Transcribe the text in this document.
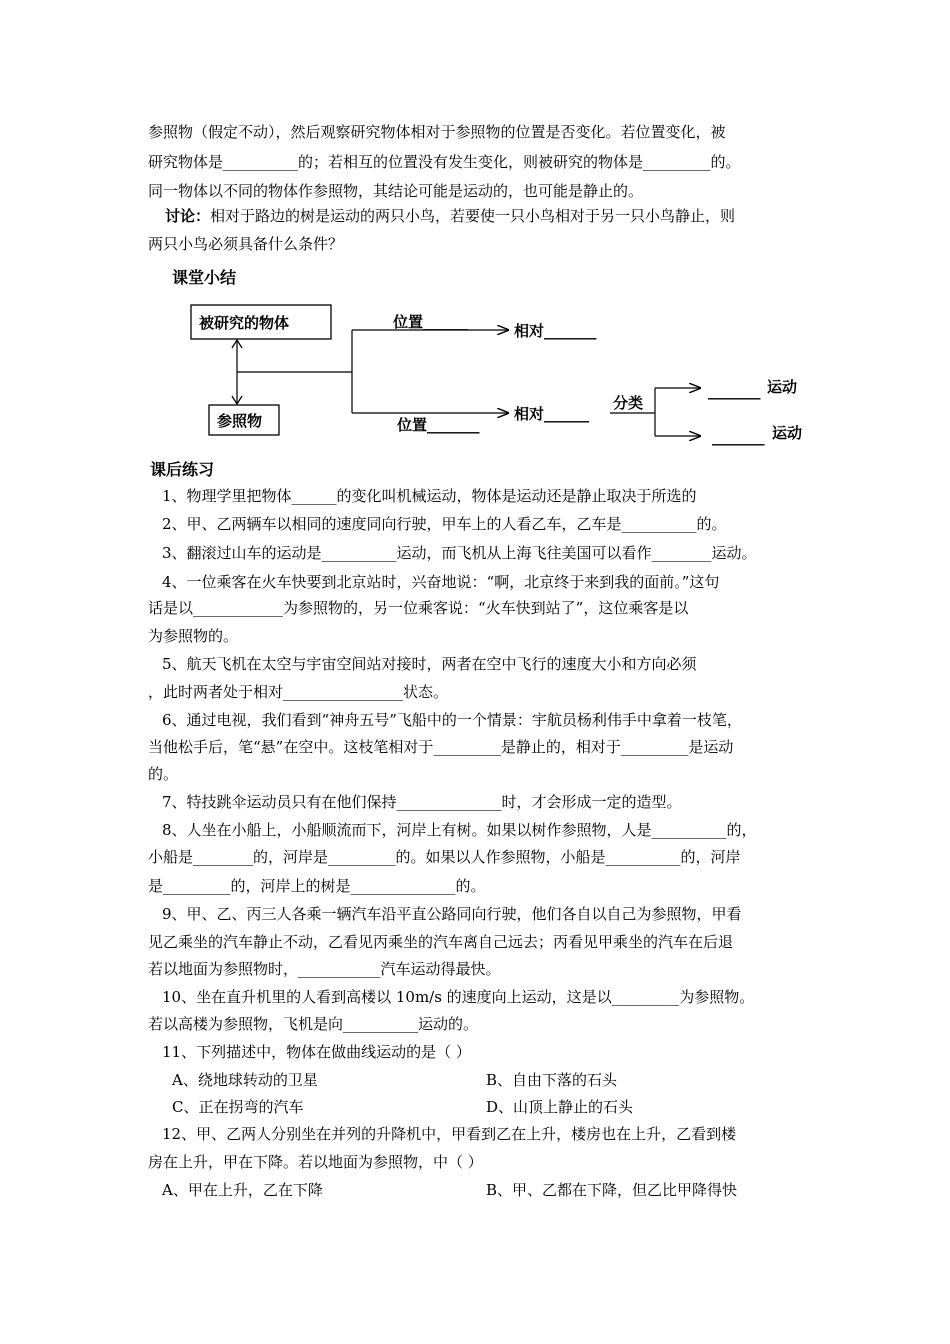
参照物（假定不动），然后观察研究物体相对于参照物的位置是否变化。若位置变化，被
研究物体是__________的；若相互的位置没有发生变化，则被研究的物体是_________的。
同一物体以不同的物体作参照物，其结论可能是运动的，也可能是静止的。
讨论：相对于路边的树是运动的两只小鸟，若要使一只小鸟相对于另一只小鸟静止，则
两只小鸟必须具备什么条件？
课堂小结
被研究的物体
参照物
位置______	相对_______
位置_______
相对______
分类
_______ 运动
_______ 运动
课后练习
1、物理学里把物体______的变化叫机械运动，物体是运动还是静止取决于所选的
2、甲、乙两辆车以相同的速度同向行驶，甲车上的人看乙车，乙车是__________的。
3、翻滚过山车的运动是__________运动，而飞机从上海飞往美国可以看作________运动。
4、一位乘客在火车快要到北京站时，兴奋地说：“啊，北京终于来到我的面前。”这句
话是以____________为参照物的，另一位乘客说：“火车快到站了”，这位乘客是以
为参照物的。
5、航天飞机在太空与宇宙空间站对接时，两者在空中飞行的速度大小和方向必须
，此时两者处于相对________________状态。
6、通过电视，我们看到“神舟五号”飞船中的一个情景：宇航员杨利伟手中拿着一枝笔，
当他松手后，笔“悬”在空中。这枝笔相对于_________是静止的，相对于_________是运动
的。
7、特技跳伞运动员只有在他们保持______________时，才会形成一定的造型。
8、人坐在小船上，小船顺流而下，河岸上有树。如果以树作参照物，人是__________的，
小船是________的，河岸是_________的。如果以人作参照物，小船是__________的，河岸
是_________的，河岸上的树是______________的。
9、甲、乙、丙三人各乘一辆汽车沿平直公路同向行驶，他们各自以自己为参照物，甲看
见乙乘坐的汽车静止不动，乙看见丙乘坐的汽车离自己远去；丙看见甲乘坐的汽车在后退
若以地面为参照物时，___________汽车运动得最快。
10、坐在直升机里的人看到高楼以 10m/s 的速度向上运动，这是以_________为参照物。
若以高楼为参照物，飞机是向__________运动的。
11、下列描述中，物体在做曲线运动的是（ ）
A、绕地球转动的卫星	B、自由下落的石头
C、正在拐弯的汽车	D、山顶上静止的石头
12、甲、乙两人分别坐在并列的升降机中，甲看到乙在上升，楼房也在上升，乙看到楼
房在上升，甲在下降。若以地面为参照物，中（ ）
A、甲在上升，乙在下降	B、甲、乙都在下降，但乙比甲降得快
